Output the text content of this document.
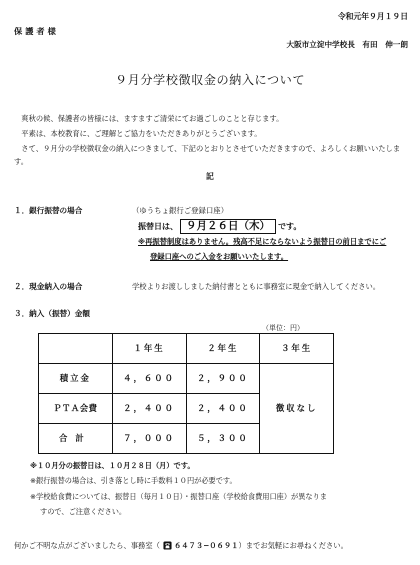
令和元年９月１９日
保護者様
大阪市立淀中学校長　有田　伸一朗
９月分学校徴収金の納入について
　爽秋の候、保護者の皆様には、ますますご清栄にてお過ごしのことと存じます。
　平素は、本校教育に、ご理解とご協力をいただきありがとうございます。
　さて、９月分の学校徴収金の納入につきまして、下記のとおりとさせていただきますので、よろしくお願いいたします。
記
１．銀行振替の場合	（ゆうちょ銀行ご登録口座）
振替日は、 ９月２６日（木）	です。
※再振替制度はありません。残高不足にならないよう振替日の前日までにご
登録口座へのご入金をお願いいたします。
２．現金納入の場合	学校よりお渡ししました納付書とともに事務室に現金で納入してください。
３．納入（振替）金額
（単位：円）
	１年生	２年生	３年生
積立金	４，６００	２，９００	徴収なし
ＰＴＡ会費	２，４００	２，４００	
合計	７，０００	５，３００	
※１０月分の振替日は、１０月２８日（月）です。
※銀行振替の場合は、引き落とし時に手数料１０円が必要です。
※学校給食費については、振替日（毎月１０日）・振替口座（学校給食費用口座）が異なりま
すので、ご注意ください。
何かご不明な点がございましたら、事務室（ ６４７３−０６９１ ）までお気軽にお尋ねください。
